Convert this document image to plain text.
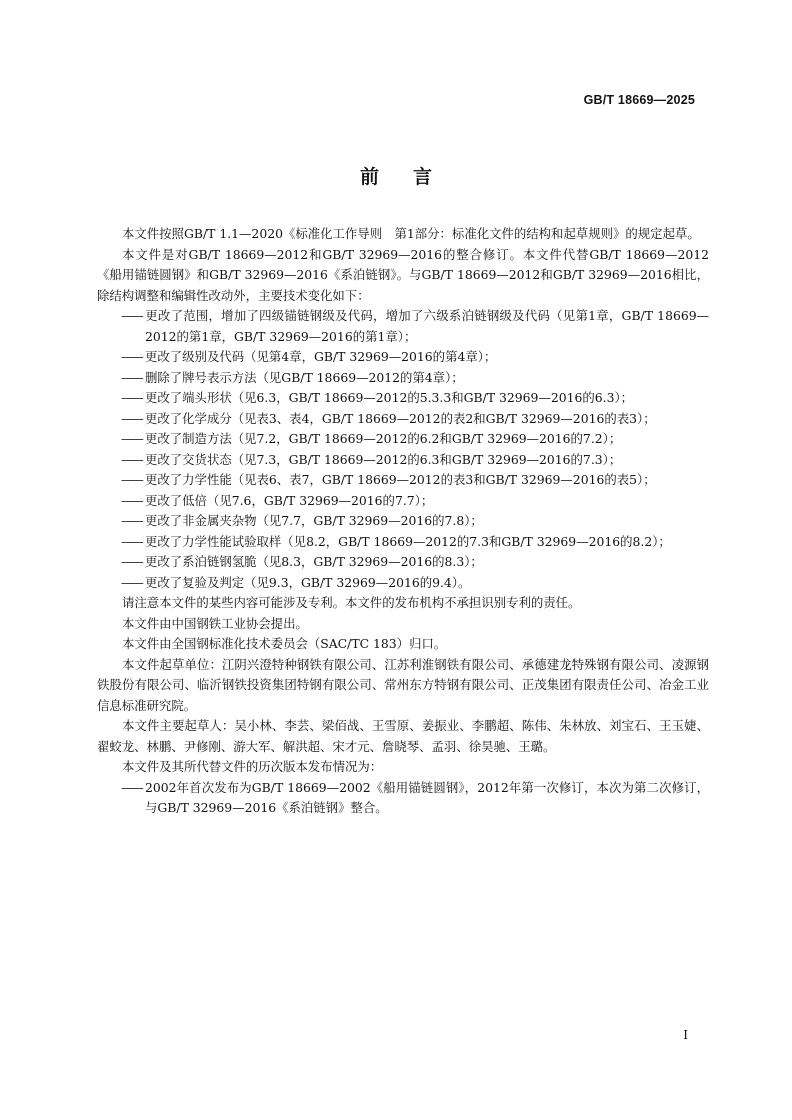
GB/T 18669—2025
前言

本文件按照GB/T 1.1—2020《标准化工作导则　第1部分：标准化文件的结构和起草规则》的规定起草。

本文件是对GB/T 18669—2012和GB/T 32969—2016的整合修订。本文件代替GB/T 18669—2012《船用锚链圆钢》和GB/T 32969—2016《系泊链钢》。与GB/T 18669—2012和GB/T 32969—2016相比，除结构调整和编辑性改动外，主要技术变化如下：

—— 更改了范围，增加了四级锚链钢级及代码，增加了六级系泊链钢级及代码（见第1章，GB/T 18669—2012的第1章，GB/T 32969—2016的第1章）；

—— 更改了级别及代码（见第4章，GB/T 32969—2016的第4章）；

—— 删除了牌号表示方法（见GB/T 18669—2012的第4章）；

—— 更改了端头形状（见6.3，GB/T 18669—2012的5.3.3和GB/T 32969—2016的6.3）；

—— 更改了化学成分（见表3、表4，GB/T 18669—2012的表2和GB/T 32969—2016的表3）；

—— 更改了制造方法（见7.2，GB/T 18669—2012的6.2和GB/T 32969—2016的7.2）；

—— 更改了交货状态（见7.3，GB/T 18669—2012的6.3和GB/T 32969—2016的7.3）；

—— 更改了力学性能（见表6、表7，GB/T 18669—2012的表3和GB/T 32969—2016的表5）；

—— 更改了低倍（见7.6，GB/T 32969—2016的7.7）；

—— 更改了非金属夹杂物（见7.7，GB/T 32969—2016的7.8）；

—— 更改了力学性能试验取样（见8.2，GB/T 18669—2012的7.3和GB/T 32969—2016的8.2）；

—— 更改了系泊链钢氢脆（见8.3，GB/T 32969—2016的8.3）；

—— 更改了复验及判定（见9.3，GB/T 32969—2016的9.4）。

请注意本文件的某些内容可能涉及专利。本文件的发布机构不承担识别专利的责任。

本文件由中国钢铁工业协会提出。

本文件由全国钢标准化技术委员会（SAC/TC 183）归口。

本文件起草单位：江阴兴澄特种钢铁有限公司、江苏利淮钢铁有限公司、承德建龙特殊钢有限公司、凌源钢铁股份有限公司、临沂钢铁投资集团特钢有限公司、常州东方特钢有限公司、正茂集团有限责任公司、冶金工业信息标准研究院。

本文件主要起草人：吴小林、李芸、梁佰战、王雪原、姜振业、李鹏超、陈伟、朱林放、刘宝石、王玉婕、翟蛟龙、林鹏、尹修刚、游大军、解洪超、宋才元、詹晓琴、孟羽、徐昊驰、王璐。

本文件及其所代替文件的历次版本发布情况为：

—— 2002年首次发布为GB/T 18669—2002《船用锚链圆钢》，2012年第一次修订，本次为第二次修订，与GB/T 32969—2016《系泊链钢》整合。

I
